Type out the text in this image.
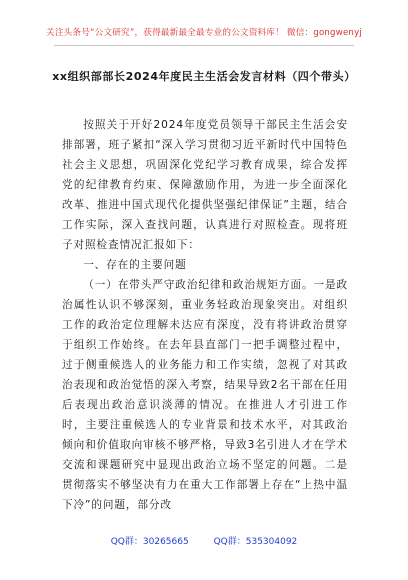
关注头条号“公文研究”，获得最新最全最专业的公文资料库！ 微信：gongwenyj
xx组织部部长2024年度民主生活会发言材料（四个带头）

按照关于开好2024年度党员领导干部民主生活会安排部署，班子紧扣“深入学习贯彻习近平新时代中国特色社会主义思想，巩固深化党纪学习教育成果，综合发挥党的纪律教育约束、保障激励作用，为进一步全面深化改革、推进中国式现代化提供坚强纪律保证”主题，结合工作实际，深入查找问题，认真进行对照检查。现将班子对照检查情况汇报如下：

一、存在的主要问题

（一）在带头严守政治纪律和政治规矩方面。一是政治属性认识不够深刻，重业务轻政治现象突出。对组织工作的政治定位理解未达应有深度，没有将讲政治贯穿于组织工作始终。在去年县直部门一把手调整过程中，过于侧重候选人的业务能力和工作实绩，忽视了对其政治表现和政治觉悟的深入考察，结果导致2名干部在任用后表现出政治意识淡薄的情况。在推进人才引进工作时，主要注重候选人的专业背景和技术水平，对其政治倾向和价值取向审核不够严格，导致3名引进人才在学术交流和课题研究中显现出政治立场不坚定的问题。二是贯彻落实不够坚决有力在重大工作部署上存在“上热中温下冷”的问题，部分改

QQ群：30265665	QQ群：535304092
